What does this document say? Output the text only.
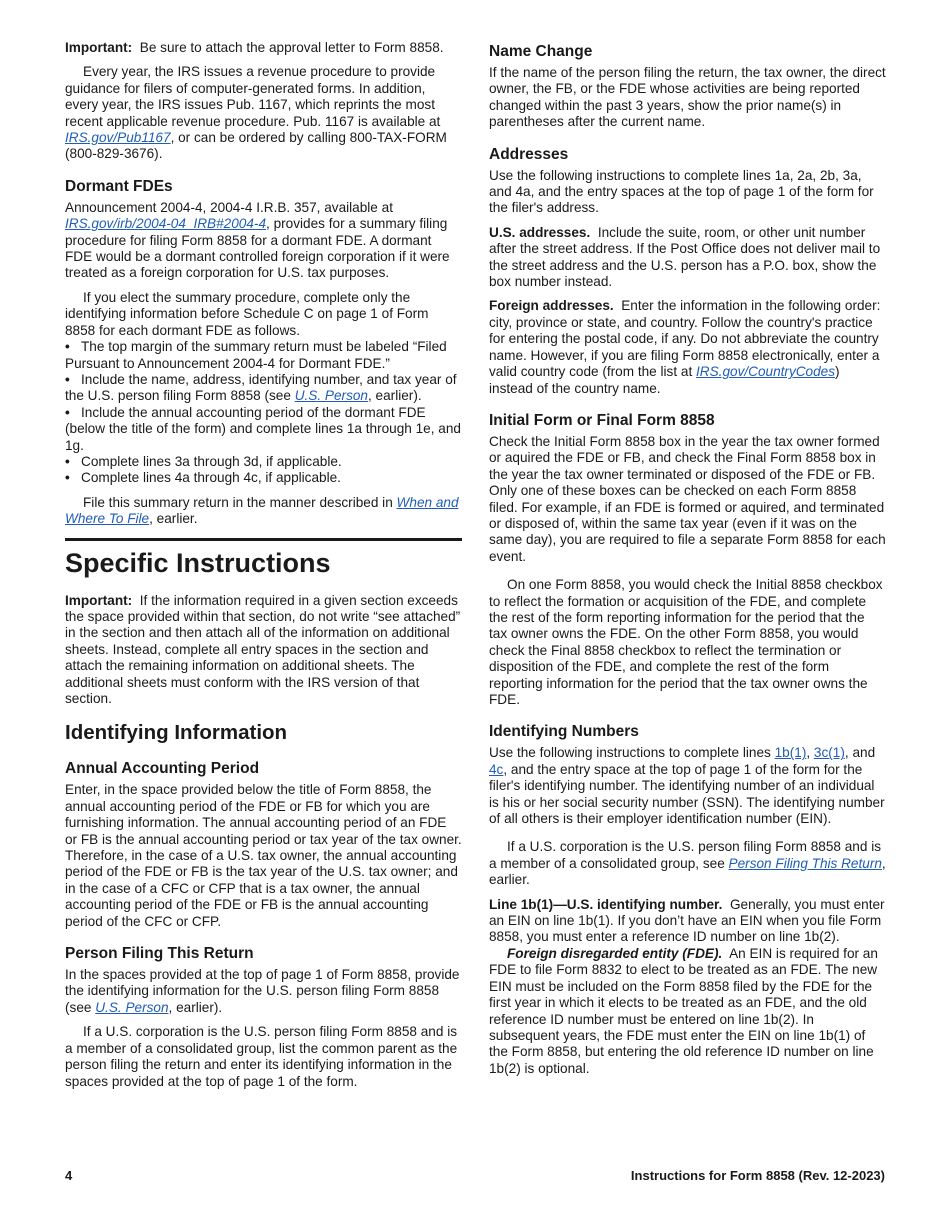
Important: Be sure to attach the approval letter to Form 8858.

Every year, the IRS issues a revenue procedure to provide guidance for filers of computer-generated forms. In addition, every year, the IRS issues Pub. 1167, which reprints the most recent applicable revenue procedure. Pub. 1167 is available at IRS.gov/Pub1167, or can be ordered by calling 800-TAX-FORM (800-829-3676).

Dormant FDEs

Announcement 2004-4, 2004-4 I.R.B. 357, available at IRS.gov/irb/2004-04_IRB#2004-4, provides for a summary filing procedure for filing Form 8858 for a dormant FDE. A dormant FDE would be a dormant controlled foreign corporation if it were treated as a foreign corporation for U.S. tax purposes.

If you elect the summary procedure, complete only the identifying information before Schedule C on page 1 of Form 8858 for each dormant FDE as follows.

• The top margin of the summary return must be labeled “Filed Pursuant to Announcement 2004-4 for Dormant FDE.”
• Include the name, address, identifying number, and tax year of the U.S. person filing Form 8858 (see U.S. Person, earlier).
• Include the annual accounting period of the dormant FDE (below the title of the form) and complete lines 1a through 1e, and 1g.
• Complete lines 3a through 3d, if applicable.
• Complete lines 4a through 4c, if applicable.

File this summary return in the manner described in When and Where To File, earlier.

Specific Instructions

Important: If the information required in a given section exceeds the space provided within that section, do not write “see attached” in the section and then attach all of the information on additional sheets. Instead, complete all entry spaces in the section and attach the remaining information on additional sheets. The additional sheets must conform with the IRS version of that section.

Identifying Information
Annual Accounting Period

Enter, in the space provided below the title of Form 8858, the annual accounting period of the FDE or FB for which you are furnishing information. The annual accounting period of an FDE or FB is the annual accounting period or tax year of the tax owner. Therefore, in the case of a U.S. tax owner, the annual accounting period of the FDE or FB is the tax year of the U.S. tax owner; and in the case of a CFC or CFP that is a tax owner, the annual accounting period of the FDE or FB is the annual accounting period of the CFC or CFP.

Person Filing This Return

In the spaces provided at the top of page 1 of Form 8858, provide the identifying information for the U.S. person filing Form 8858 (see U.S. Person, earlier).

If a U.S. corporation is the U.S. person filing Form 8858 and is a member of a consolidated group, list the common parent as the person filing the return and enter its identifying information in the spaces provided at the top of page 1 of the form.

Name Change

If the name of the person filing the return, the tax owner, the direct owner, the FB, or the FDE whose activities are being reported changed within the past 3 years, show the prior name(s) in parentheses after the current name.

Addresses

Use the following instructions to complete lines 1a, 2a, 2b, 3a, and 4a, and the entry spaces at the top of page 1 of the form for the filer's address.

U.S. addresses. Include the suite, room, or other unit number after the street address. If the Post Office does not deliver mail to the street address and the U.S. person has a P.O. box, show the box number instead.

Foreign addresses. Enter the information in the following order: city, province or state, and country. Follow the country's practice for entering the postal code, if any. Do not abbreviate the country name. However, if you are filing Form 8858 electronically, enter a valid country code (from the list at IRS.gov/CountryCodes) instead of the country name.

Initial Form or Final Form 8858

Check the Initial Form 8858 box in the year the tax owner formed or aquired the FDE or FB, and check the Final Form 8858 box in the year the tax owner terminated or disposed of the FDE or FB. Only one of these boxes can be checked on each Form 8858 filed. For example, if an FDE is formed or aquired, and terminated or disposed of, within the same tax year (even if it was on the same day), you are required to file a separate Form 8858 for each event.

On one Form 8858, you would check the Initial 8858 checkbox to reflect the formation or acquisition of the FDE, and complete the rest of the form reporting information for the period that the tax owner owns the FDE. On the other Form 8858, you would check the Final 8858 checkbox to reflect the termination or disposition of the FDE, and complete the rest of the form reporting information for the period that the tax owner owns the FDE.

Identifying Numbers

Use the following instructions to complete lines 1b(1), 3c(1), and 4c, and the entry space at the top of page 1 of the form for the filer's identifying number. The identifying number of an individual is his or her social security number (SSN). The identifying number of all others is their employer identification number (EIN).

If a U.S. corporation is the U.S. person filing Form 8858 and is a member of a consolidated group, see Person Filing This Return, earlier.

Line 1b(1)—U.S. identifying number. Generally, you must enter an EIN on line 1b(1). If you don’t have an EIN when you file Form 8858, you must enter a reference ID number on line 1b(2).

Foreign disregarded entity (FDE). An EIN is required for an FDE to file Form 8832 to elect to be treated as an FDE. The new EIN must be included on the Form 8858 filed by the FDE for the first year in which it elects to be treated as an FDE, and the old reference ID number must be entered on line 1b(2). In subsequent years, the FDE must enter the EIN on line 1b(1) of the Form 8858, but entering the old reference ID number on line 1b(2) is optional.

4	Instructions for Form 8858 (Rev. 12-2023)
